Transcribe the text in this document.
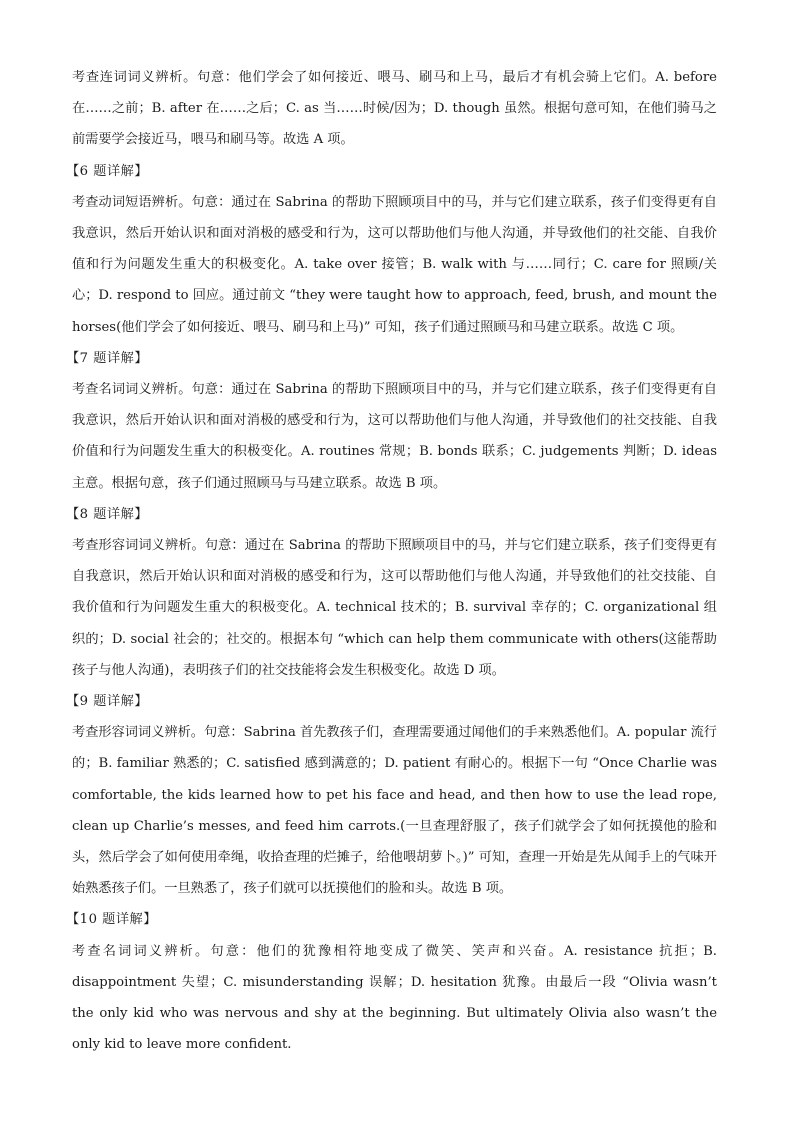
考查连词词义辨析。句意：他们学会了如何接近、喂马、刷马和上马，最后才有机会骑上它们。A. before在……之前；B. after 在……之后；C. as 当……时候/因为；D. though 虽然。根据句意可知，在他们骑马之前需要学会接近马，喂马和刷马等。故选 A 项。

【6 题详解】

考查动词短语辨析。句意：通过在 Sabrina 的帮助下照顾项目中的马，并与它们建立联系，孩子们变得更有自我意识，然后开始认识和面对消极的感受和行为，这可以帮助他们与他人沟通，并导致他们的社交能、自我价值和行为问题发生重大的积极变化。A. take over 接管；B. walk with 与……同行；C. care for 照顾/关心；D. respond to 回应。通过前文 “they were taught how to approach, feed, brush, and mount the horses(他们学会了如何接近、喂马、刷马和上马)” 可知，孩子们通过照顾马和马建立联系。故选 C 项。

【7 题详解】

考查名词词义辨析。句意：通过在 Sabrina 的帮助下照顾项目中的马，并与它们建立联系，孩子们变得更有自我意识，然后开始认识和面对消极的感受和行为，这可以帮助他们与他人沟通，并导致他们的社交技能、自我价值和行为问题发生重大的积极变化。A. routines 常规；B. bonds 联系；C. judgements 判断；D. ideas 主意。根据句意，孩子们通过照顾马与马建立联系。故选 B 项。

【8 题详解】

考查形容词词义辨析。句意：通过在 Sabrina 的帮助下照顾项目中的马，并与它们建立联系，孩子们变得更有自我意识，然后开始认识和面对消极的感受和行为，这可以帮助他们与他人沟通，并导致他们的社交技能、自我价值和行为问题发生重大的积极变化。A. technical 技术的；B. survival 幸存的；C. organizational 组织的；D. social 社会的；社交的。根据本句 “which can help them communicate with others(这能帮助孩子与他人沟通)，表明孩子们的社交技能将会发生积极变化。故选 D 项。

【9 题详解】

考查形容词词义辨析。句意：Sabrina 首先教孩子们，查理需要通过闻他们的手来熟悉他们。A. popular 流行的；B. familiar 熟悉的；C. satisfied 感到满意的；D. patient 有耐心的。根据下一句 “Once Charlie was comfortable, the kids learned how to pet his face and head, and then how to use the lead rope, clean up Charlie’s messes, and feed him carrots.(一旦查理舒服了，孩子们就学会了如何抚摸他的脸和头，然后学会了如何使用牵绳，收拾查理的烂摊子，给他喂胡萝卜。)” 可知，查理一开始是先从闻手上的气味开始熟悉孩子们。一旦熟悉了，孩子们就可以抚摸他们的脸和头。故选 B 项。

【10 题详解】

考查名词词义辨析。句意：他们的犹豫相符地变成了微笑、笑声和兴奋。A. resistance 抗拒；B. disappointment 失望；C. misunderstanding 误解；D. hesitation 犹豫。由最后一段 “Olivia wasn’t the only kid who was nervous and shy at the beginning. But ultimately Olivia also wasn’t the only kid to leave more confident.
